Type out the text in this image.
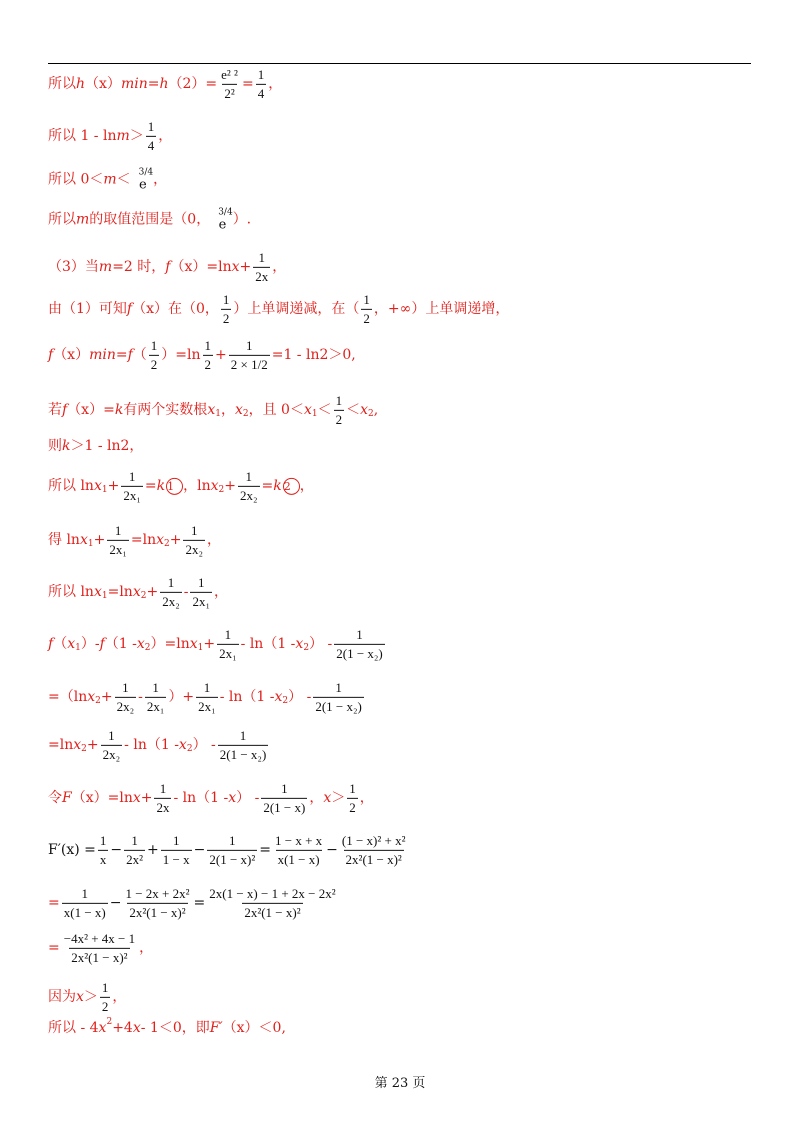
所以 h （x） min = h $(2)= \frac{\text{e² ²}}{\text{2²}} = \frac{1}{4}$ ，
所以 $1 - \ln m > \frac{1}{4}$ ，
所以 0＜ m ＜ 3/4
e ，
所以 m 的取值范围是（0， 3/4
e ）.
（3）当 m =2 时， f （x）=ln $x + \frac{1}{2x}$ ，
由（1）可知 f （x）在（0， $\frac{1}{2}$ ）上单调递减，在（ $\frac{1}{2}$ ，+∞）上单调递增，
f （x） min = f （ $\frac{1}{2} )=\ln \frac{1}{2} + \frac{1}{2 \times 1/2} =1 - \ln 2>0$,
若 f （x）= k 有两个实数根 x 1 ， x 2 ，且 0＜ x $1 < \frac{1}{2} < x$ 2 ,
则 k ＞1 - ln2，
所以 ln x $1 + \frac{1}{\text{2x₁}} = k$ 1 ，ln x $2 + \frac{1}{\text{2x₂}} = k$ 2 ，
得 ln x $1 + \frac{1}{\text{2x₁}} =\ln$ x $2 + \frac{1}{\text{2x₂}}$ ，
所以 ln x 1 =ln x $2 + \frac{1}{\text{2x₂}} - \frac{1}{\text{2x₁}}$ ，
f （ x 1 ）- f （1 - x 2 ）=ln x $1 + \frac{1}{\text{2x₁}} - \ln(1 - x$ 2 ） - $\frac{1}{\text{2(1 − x₂)}}$
=（ln x $2 + \frac{1}{\text{2x₂}} - \frac{1}{\text{2x₁}}$ ）+ $\frac{1}{\text{2x₁}} - \ln(1$ - x 2 ） - $\frac{1}{\text{2(1 − x₂)}}$
=ln x $2 + \frac{1}{\text{2x₂}} - \ln(1 - x$ 2 ） - $\frac{1}{\text{2(1 − x₂)}}$
令 F （x）=ln $x + \frac{1}{2x} - \ln(1 - x$ ） - $\frac{1}{2(1 - x)}$ ， $x > \frac{1}{2}$ ，
$F'(x) = \frac{1}{x} - \frac{1}{\text{2x²}} + \frac{1}{1 - x} - \frac{1}{\text{2(1 − x)²}} = \frac{1 - x + x}{x(1 - x)} - \frac{\text{(1 − x)² + x²}}{\text{2x²(1 − x)²}}$
= $\frac{1}{x(1 - x)} - \frac{\text{1 − 2x + 2x²}}{\text{2x²(1 − x)²}} = \frac{\text{2x(1 − x) − 1 + 2x − 2x²}}{\text{2x²(1 − x)²}}$
= $\frac{\text{−4x² + 4x − 1}}{\text{2x²(1 − x)²}}$ ，
因为 $x > \frac{1}{2}$ ，
所以 - 4 x 2 +4 x - 1＜0，即 F′ （x）＜0,
第 23 页
